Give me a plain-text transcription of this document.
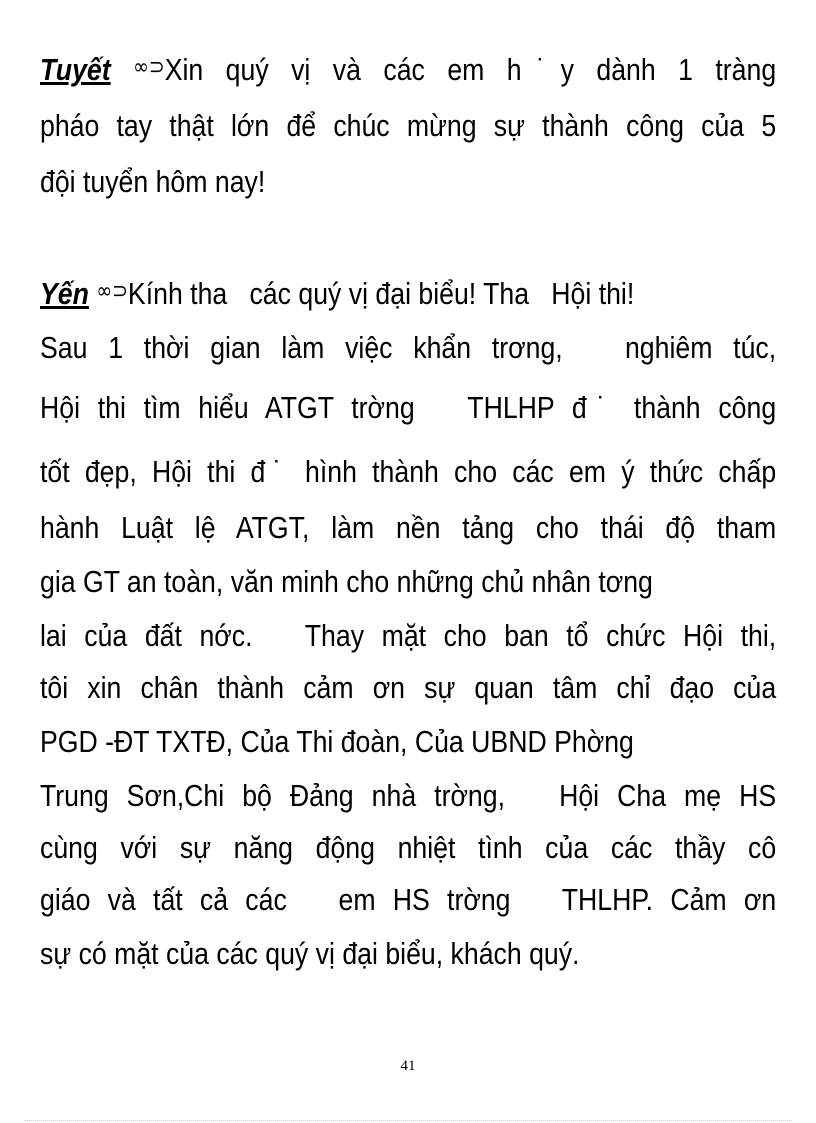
Tuyết ∞⊃Xin quý vị và các em h˙y dành 1 tràng
pháo tay thật lớn để chúc mừng sự thành công của 5
đội tuyển hôm nay!
Yến ∞⊃Kính tha   các quý vị đại biểu! Tha   Hội thi!
Sau 1 thời gian làm việc khẩn trơng,   nghiêm túc,
Hội thi tìm hiểu ATGT trờng   THLHP đ˙ thành công
tốt đẹp, Hội thi đ˙ hình thành cho các em ý thức chấp
hành Luật lệ ATGT, làm nền tảng cho thái độ tham
gia GT an toàn, văn minh cho những chủ nhân tơng
lai của đất nớc.   Thay mặt cho ban tổ chức Hội thi,
tôi xin chân thành cảm ơn sự quan tâm chỉ đạo của
PGD -ĐT TXTĐ, Của Thi đoàn, Của UBND Phờng
Trung Sơn,Chi bộ Đảng nhà trờng,   Hội Cha mẹ HS
cùng với sự năng động nhiệt tình của các thầy cô
giáo và tất cả các   em HS trờng   THLHP. Cảm ơn
sự có mặt của các quý vị đại biểu, khách quý.
41
